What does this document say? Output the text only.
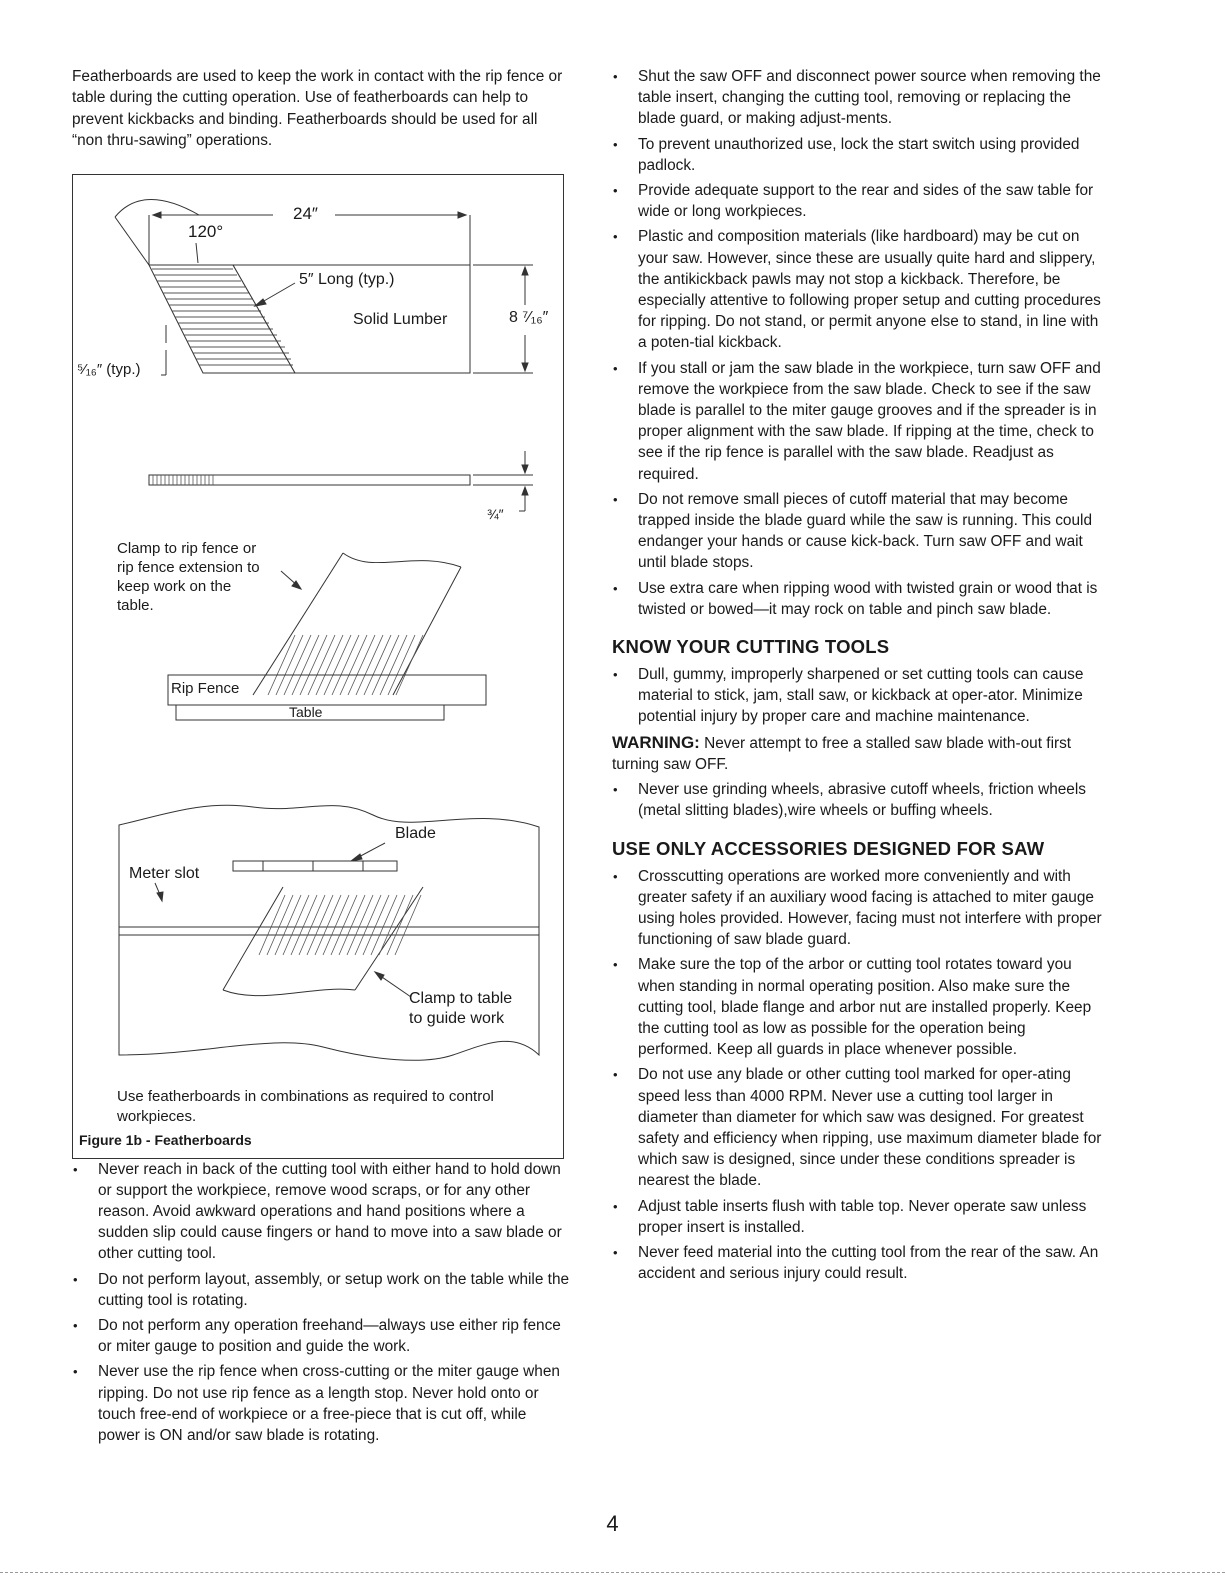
Featherboards are used to keep the work in contact with the rip fence or table during the cutting operation. Use of featherboards can help to prevent kickbacks and binding. Featherboards should be used for all “non thru-sawing” operations.

24″
120°
5″ Long (typ.)
Solid Lumber	8 ⁷⁄₁₆″
⁵⁄₁₆″ (typ.)
¾″
Clamp to rip fence or
rip fence extension to
keep work on the
table.
Rip Fence
Table
Blade
Meter slot
Clamp to table
to guide work
Use featherboards in combinations as required to control workpieces.
Figure 1b - Featherboards
• Never reach in back of the cutting tool with either hand to hold down or support the workpiece, remove wood scraps, or for any other reason. Avoid awkward operations and hand positions where a sudden slip could cause fingers or hand to move into a saw blade or other cutting tool.
• Do not perform layout, assembly, or setup work on the table while the cutting tool is rotating.
• Do not perform any operation freehand—always use either rip fence or miter gauge to position and guide the work.
• Never use the rip fence when cross-cutting or the miter gauge when ripping. Do not use rip fence as a length stop. Never hold onto or touch free-end of workpiece or a free-piece that is cut off, while power is ON and/or saw blade is rotating.
• Shut the saw OFF and disconnect power source when removing the table insert, changing the cutting tool, removing or replacing the blade guard, or making adjust-ments.
• To prevent unauthorized use, lock the start switch using provided padlock.
• Provide adequate support to the rear and sides of the saw table for wide or long workpieces.
• Plastic and composition materials (like hardboard) may be cut on your saw. However, since these are usually quite hard and slippery, the antikickback pawls may not stop a kickback. Therefore, be especially attentive to following proper setup and cutting procedures for ripping. Do not stand, or permit anyone else to stand, in line with a poten-tial kickback.
• If you stall or jam the saw blade in the workpiece, turn saw OFF and remove the workpiece from the saw blade. Check to see if the saw blade is parallel to the miter gauge grooves and if the spreader is in proper alignment with the saw blade. If ripping at the time, check to see if the rip fence is parallel with the saw blade. Readjust as required.
• Do not remove small pieces of cutoff material that may become trapped inside the blade guard while the saw is running. This could endanger your hands or cause kick-back. Turn saw OFF and wait until blade stops.
• Use extra care when ripping wood with twisted grain or wood that is twisted or bowed—it may rock on table and pinch saw blade.
KNOW YOUR CUTTING TOOLS
• Dull, gummy, improperly sharpened or set cutting tools can cause material to stick, jam, stall saw, or kickback at oper-ator. Minimize potential injury by proper care and machine maintenance.

WARNING: Never attempt to free a stalled saw blade with-out first turning saw OFF.

• Never use grinding wheels, abrasive cutoff wheels, friction wheels (metal slitting blades),wire wheels or buffing wheels.
USE ONLY ACCESSORIES DESIGNED FOR SAW
• Crosscutting operations are worked more conveniently and with greater safety if an auxiliary wood facing is attached to miter gauge using holes provided. However, facing must not interfere with proper functioning of saw blade guard.
• Make sure the top of the arbor or cutting tool rotates toward you when standing in normal operating position. Also make sure the cutting tool, blade flange and arbor nut are installed properly. Keep the cutting tool as low as possible for the operation being performed. Keep all guards in place whenever possible.
• Do not use any blade or other cutting tool marked for oper-ating speed less than 4000 RPM. Never use a cutting tool larger in diameter than diameter for which saw was designed. For greatest safety and efficiency when ripping, use maximum diameter blade for which saw is designed, since under these conditions spreader is nearest the blade.
• Adjust table inserts flush with table top. Never operate saw unless proper insert is installed.
• Never feed material into the cutting tool from the rear of the saw. An accident and serious injury could result.
4
